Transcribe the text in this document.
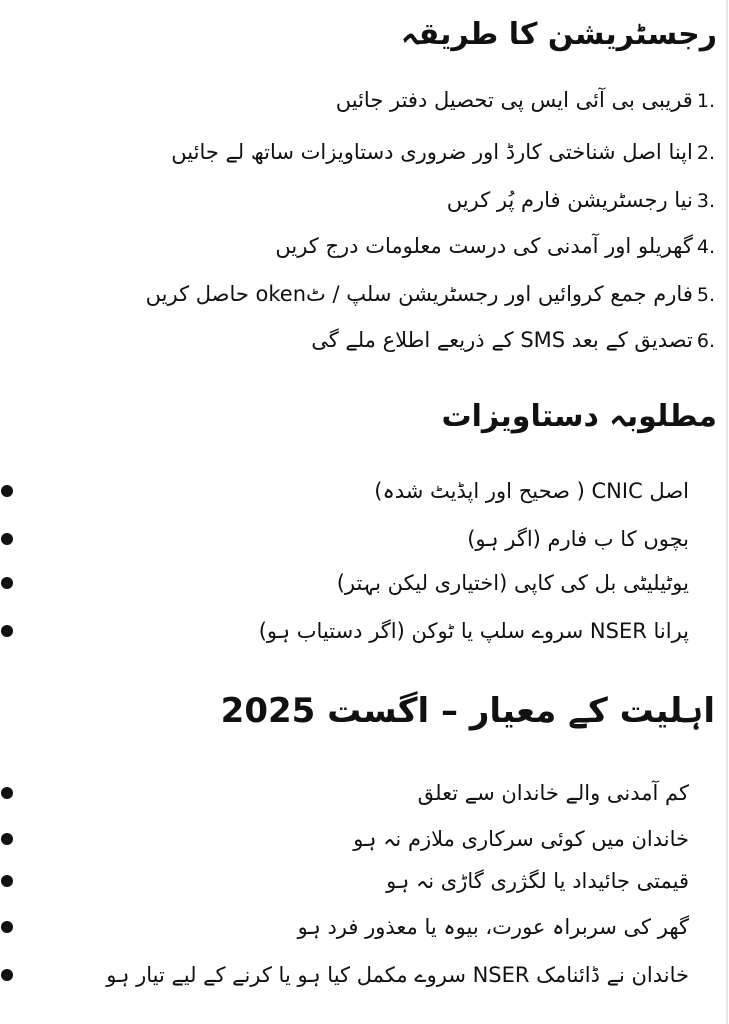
رجسٹریشن کا طریقہ
1.قریبی بی آئی ایس پی تحصیل دفتر جائیں
2.اپنا اصل شناختی کارڈ اور ضروری دستاویزات ساتھ لے جائیں
3.نیا رجسٹریشن فارم پُر کریں
4.گھریلو اور آمدنی کی درست معلومات درج کریں
5.فارم جمع کروائیں اور رجسٹریشن سلپ / ٹoken حاصل کریں
6.تصدیق کے بعد SMS کے ذریعے اطلاع ملے گی
مطلوبہ دستاویزات
اصل CNIC ( صحیح اور اپڈیٹ شدہ)
بچوں کا ب فارم (اگر ہو)
یوٹیلیٹی بل کی کاپی (اختیاری لیکن بہتر)
پرانا NSER سروے سلپ یا ٹوکن (اگر دستیاب ہو)
اہلیت کے معیار – اگست 2025
کم آمدنی والے خاندان سے تعلق
خاندان میں کوئی سرکاری ملازم نہ ہو
قیمتی جائیداد یا لگژری گاڑی نہ ہو
گھر کی سربراہ عورت، بیوہ یا معذور فرد ہو
خاندان نے ڈائنامک NSER سروے مکمل کیا ہو یا کرنے کے لیے تیار ہو
